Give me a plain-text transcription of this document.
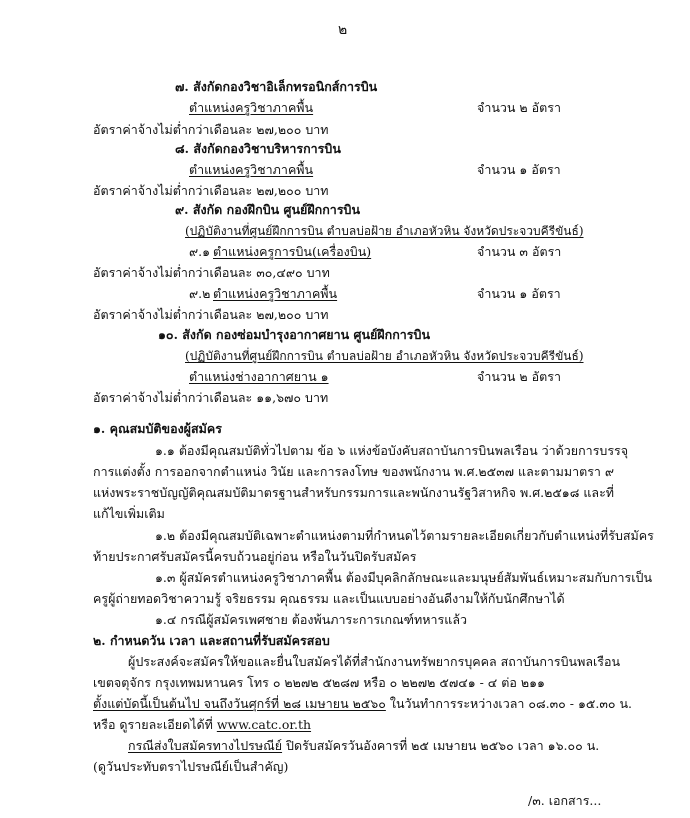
๒
๗. สังกัดกองวิชาอิเล็กทรอนิกส์การบิน
ตำแหน่งครูวิชาภาคพื้น	จำนวน ๒ อัตรา
อัตราค่าจ้างไม่ต่ำกว่าเดือนละ ๒๗,๒๐๐ บาท
๘. สังกัดกองวิชาบริหารการบิน
ตำแหน่งครูวิชาภาคพื้น	จำนวน ๑ อัตรา
อัตราค่าจ้างไม่ต่ำกว่าเดือนละ ๒๗,๒๐๐ บาท
๙. สังกัด กองฝึกบิน ศูนย์ฝึกการบิน
(ปฏิบัติงานที่ศูนย์ฝึกการบิน ตำบลบ่อฝ้าย อำเภอหัวหิน จังหวัดประจวบคีรีขันธ์)
๙.๑ ตำแหน่งครูการบิน(เครื่องบิน)	จำนวน ๓ อัตรา
อัตราค่าจ้างไม่ต่ำกว่าเดือนละ ๓๐,๔๙๐ บาท
๙.๒ ตำแหน่งครูวิชาภาคพื้น	จำนวน ๑ อัตรา
อัตราค่าจ้างไม่ต่ำกว่าเดือนละ ๒๗,๒๐๐ บาท
๑๐. สังกัด กองซ่อมบำรุงอากาศยาน ศูนย์ฝึกการบิน
(ปฏิบัติงานที่ศูนย์ฝึกการบิน ตำบลบ่อฝ้าย อำเภอหัวหิน จังหวัดประจวบคีรีขันธ์)
ตำแหน่งช่างอากาศยาน ๑	จำนวน ๒ อัตรา
อัตราค่าจ้างไม่ต่ำกว่าเดือนละ ๑๑,๖๗๐ บาท
๑. คุณสมบัติของผู้สมัคร
๑.๑ ต้องมีคุณสมบัติทั่วไปตาม ข้อ ๖ แห่งข้อบังคับสถาบันการบินพลเรือน ว่าด้วยการบรรจุ
การแต่งตั้ง การออกจากตำแหน่ง วินัย และการลงโทษ ของพนักงาน พ.ศ.๒๕๓๗ และตามมาตรา ๙
แห่งพระราชบัญญัติคุณสมบัติมาตรฐานสำหรับกรรมการและพนักงานรัฐวิสาหกิจ พ.ศ.๒๕๑๘ และที่
แก้ไขเพิ่มเติม
๑.๒ ต้องมีคุณสมบัติเฉพาะตำแหน่งตามที่กำหนดไว้ตามรายละเอียดเกี่ยวกับตำแหน่งที่รับสมัคร
ท้ายประกาศรับสมัครนี้ครบถ้วนอยู่ก่อน หรือในวันปิดรับสมัคร
๑.๓ ผู้สมัครตำแหน่งครูวิชาภาคพื้น ต้องมีบุคลิกลักษณะและมนุษย์สัมพันธ์เหมาะสมกับการเป็น
ครูผู้ถ่ายทอดวิชาความรู้ จริยธรรม คุณธรรม และเป็นแบบอย่างอันดีงามให้กับนักศึกษาได้
๑.๔ กรณีผู้สมัครเพศชาย ต้องพ้นภาระการเกณฑ์ทหารแล้ว
๒. กำหนดวัน เวลา และสถานที่รับสมัครสอบ
ผู้ประสงค์จะสมัครให้ขอและยื่นใบสมัครได้ที่สำนักงานทรัพยากรบุคคล สถาบันการบินพลเรือน
เขตจตุจักร กรุงเทพมหานคร โทร ๐ ๒๒๗๒ ๕๒๘๗ หรือ ๐ ๒๒๗๒ ๕๗๔๑ - ๔ ต่อ ๒๑๑
ตั้งแต่บัดนี้เป็นต้นไป จนถึงวันศุกร์ที่ ๒๘ เมษายน ๒๕๖๐ ในวันทำการระหว่างเวลา ๐๘.๓๐ - ๑๕.๓๐ น.
หรือ ดูรายละเอียดได้ที่ www.catc.or.th
กรณีส่งใบสมัครทางไปรษณีย์ ปิดรับสมัครวันอังคารที่ ๒๕ เมษายน ๒๕๖๐ เวลา ๑๖.๐๐ น.
(ดูวันประทับตราไปรษณีย์เป็นสำคัญ)
/๓. เอกสาร...
